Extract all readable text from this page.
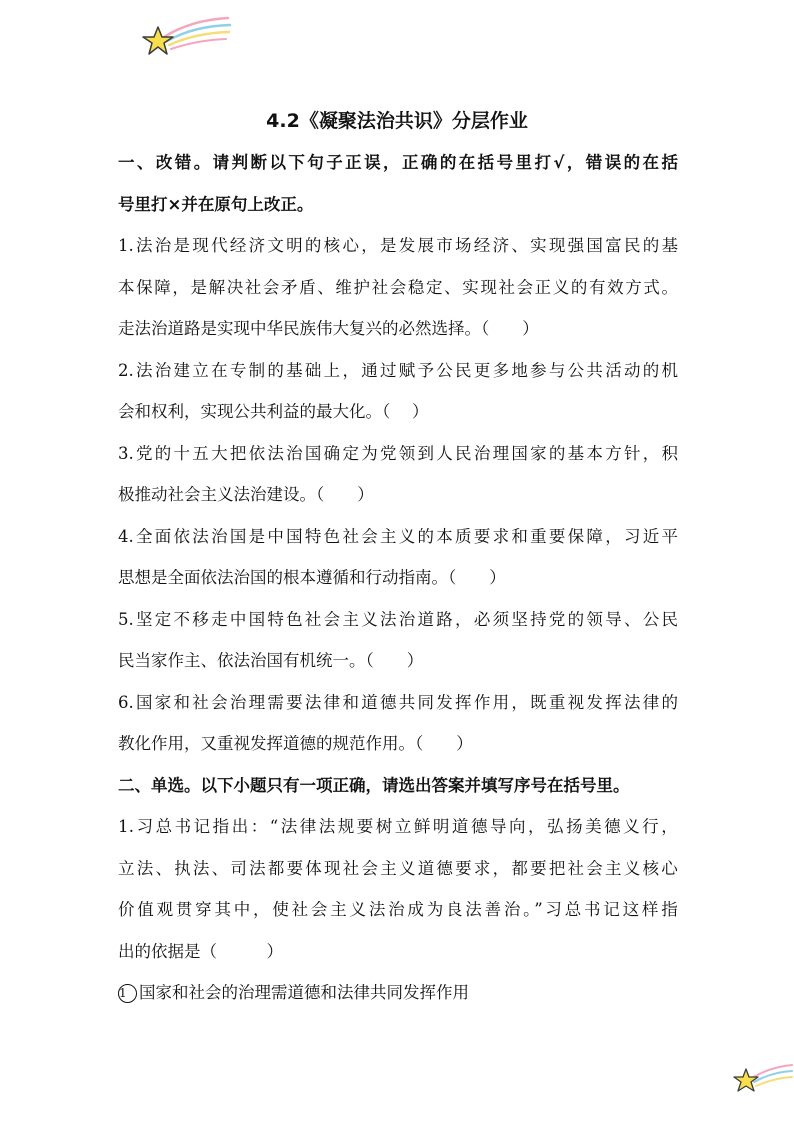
4.2《凝聚法治共识》分层作业
一、改错。请判断以下句子正误，正确的在括号里打√，错误的在括
号里打×并在原句上改正。
1.法治是现代经济文明的核心，是发展市场经济、实现强国富民的基
本保障，是解决社会矛盾、维护社会稳定、实现社会正义的有效方式。
走法治道路是实现中华民族伟大复兴的必然选择。（　　）
2.法治建立在专制的基础上，通过赋予公民更多地参与公共活动的机
会和权利，实现公共利益的最大化。（　 ）
3.党的十五大把依法治国确定为党领到人民治理国家的基本方针，积
极推动社会主义法治建设。（　　）
4.全面依法治国是中国特色社会主义的本质要求和重要保障，习近平
思想是全面依法治国的根本遵循和行动指南。（　　）
5.坚定不移走中国特色社会主义法治道路，必须坚持党的领导、公民
民当家作主、依法治国有机统一。（　　）
6.国家和社会治理需要法律和道德共同发挥作用，既重视发挥法律的
教化作用，又重视发挥道德的规范作用。（　　）
二、单选。以下小题只有一项正确，请选出答案并填写序号在括号里。
1.习总书记指出：“法律法规要树立鲜明道德导向，弘扬美德义行，
立法、执法、司法都要体现社会主义道德要求，都要把社会主义核心
价值观贯穿其中，使社会主义法治成为良法善治。”习总书记这样指
出的依据是（　　　）
1 国家和社会的治理需道德和法律共同发挥作用
